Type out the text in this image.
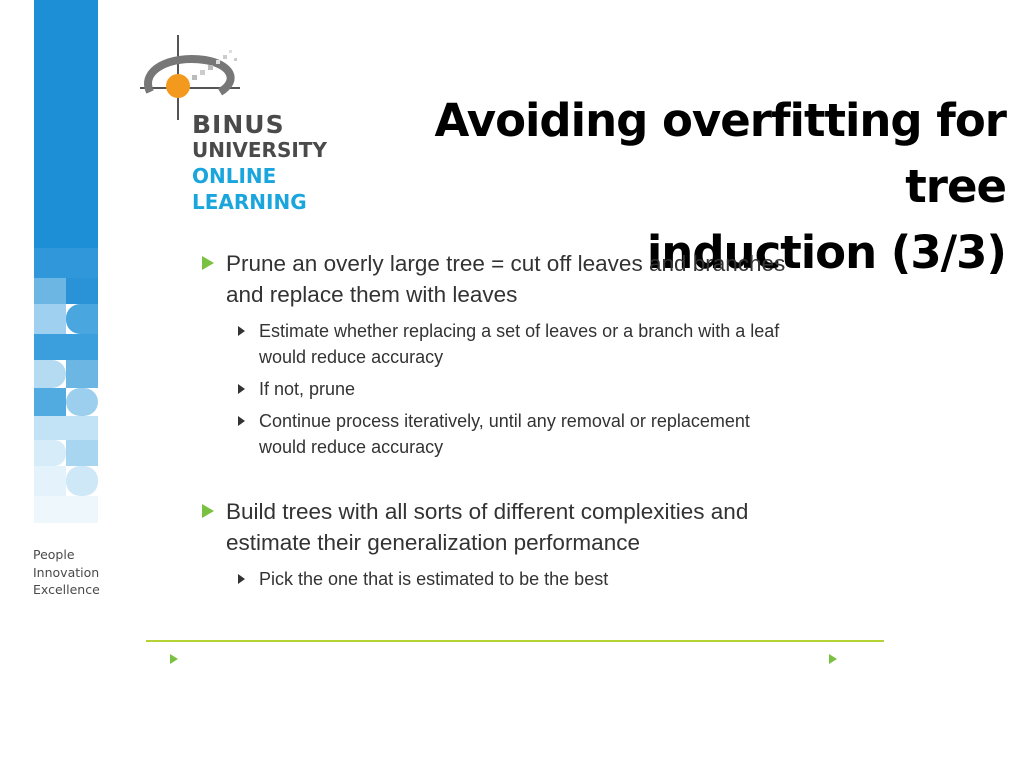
People
Innovation
Excellence
BINUS
UNIVERSITY
ONLINE
LEARNING
Avoiding overfitting for tree
induction (3/3)
Prune an overly large tree = cut off leaves and branches and replace them with leaves
Estimate whether replacing a set of leaves or a branch with a leaf would reduce accuracy
If not, prune
Continue process iteratively, until any removal or replacement would reduce accuracy
Build trees with all sorts of different complexities and estimate their generalization performance
Pick the one that is estimated to be the best
